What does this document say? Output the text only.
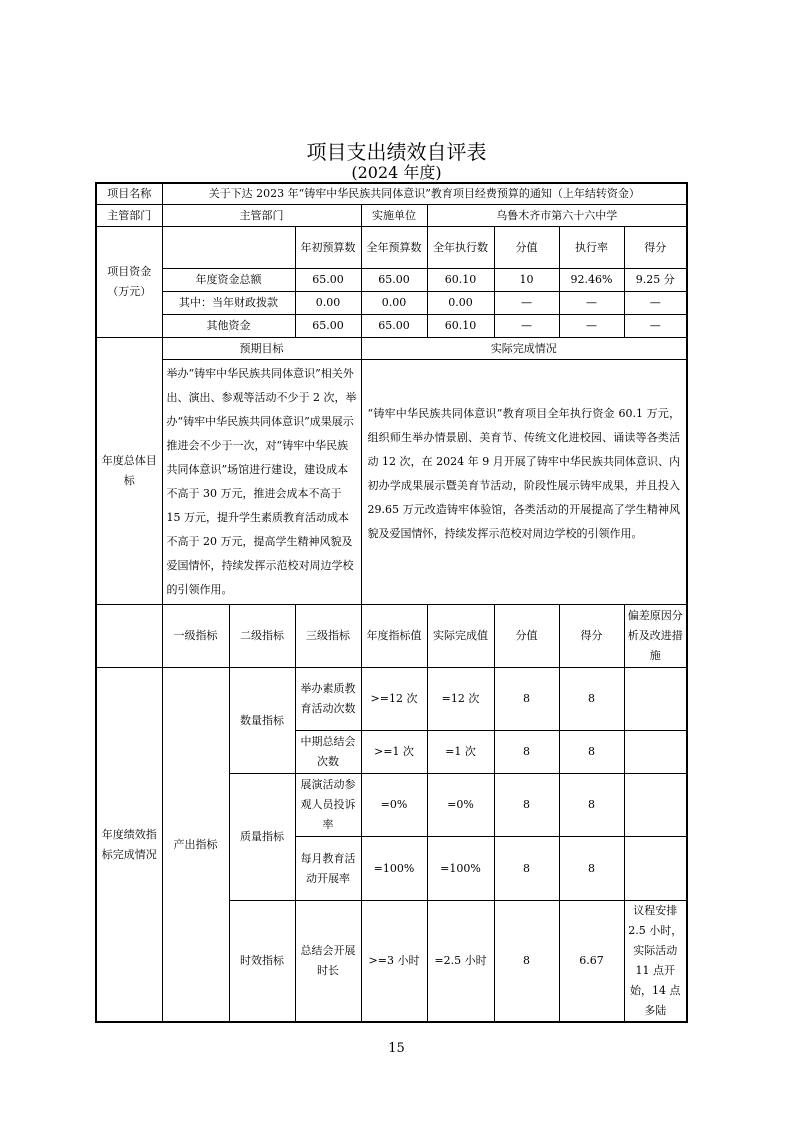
项目支出绩效自评表
(2024 年度)
项目名称	关于下达 2023 年“铸牢中华民族共同体意识”教育项目经费预算的通知（上年结转资金）							
主管部门	主管部门			实施单位	乌鲁木齐市第六十六中学			
项目资金
（万元）			年初预算数	全年预算数	全年执行数	分值	执行率	得分
	年度资金总额		65.00	65.00	60.10	10	92.46%	9.25 分
	其中：当年财政拨款		0.00	0.00	0.00	—	—	—
	其他资金		65.00	65.00	60.10	—	—	—
年度总体目标	预期目标			实际完成情况				
	举办“铸牢中华民族共同体意识”相关外出、演出、参观等活动不少于 2 次，举办“铸牢中华民族共同体意识”成果展示推进会不少于一次，对“铸牢中华民族共同体意识”场馆进行建设，建设成本不高于 30 万元，推进会成本不高于 15 万元，提升学生素质教育活动成本不高于 20 万元，提高学生精神风貌及爱国情怀，持续发挥示范校对周边学校的引领作用。			“铸牢中华民族共同体意识”教育项目全年执行资金 60.1 万元，组织师生举办情景剧、美育节、传统文化进校园、诵读等各类活动 12 次，在 2024 年 9 月开展了铸牢中华民族共同体意识、内初办学成果展示暨美育节活动，阶段性展示铸牢成果，并且投入 29.65 万元改造铸牢体验馆，各类活动的开展提高了学生精神风貌及爱国情怀，持续发挥示范校对周边学校的引领作用。				

	一级指标	二级指标	三级指标	年度指标值	实际完成值	分值	得分	偏差原因分析及改进措施
年度绩效指标完成情况	产出指标	数量指标	举办素质教育活动次数	>=12 次	=12 次	8	8	
			中期总结会次数	>=1 次	=1 次	8	8	
		质量指标	展演活动参观人员投诉率	=0%	=0%	8	8	
			每月教育活动开展率	=100%	=100%	8	8	
		时效指标	总结会开展时长	>=3 小时	=2.5 小时	8	6.67	议程安排 2.5 小时，实际活动 11 点开始，14 点多陆
15
